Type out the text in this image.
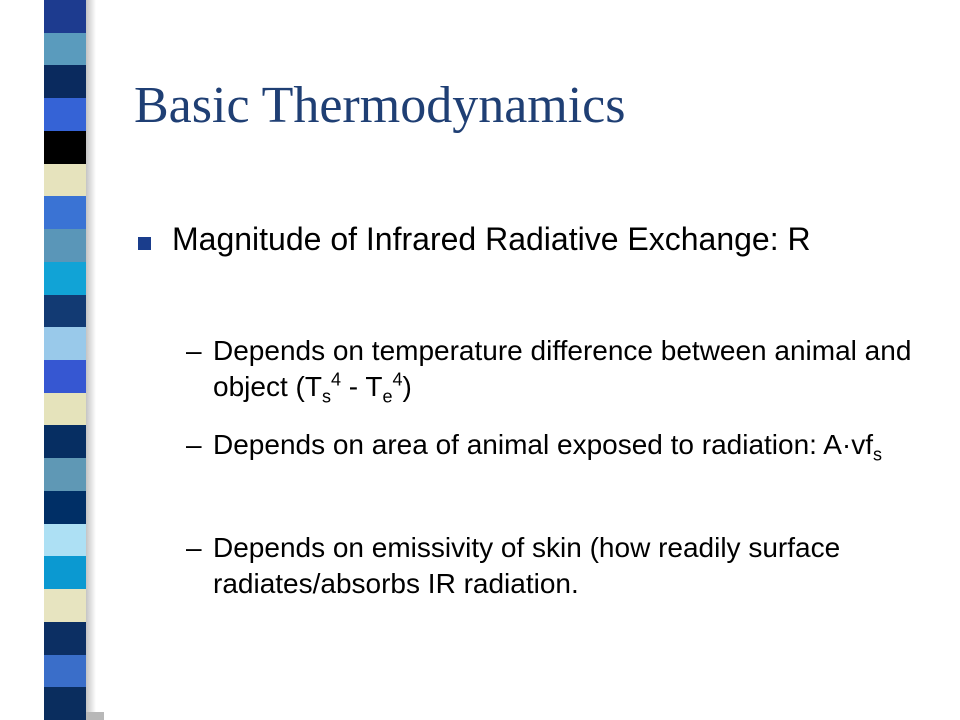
Basic Thermodynamics
Magnitude of Infrared Radiative Exchange: R
– Depends on temperature difference between animal and object $(T_s^4 - T_e^4)$
– Depends on area of animal exposed to radiation: $A\cdot vf_s$
– Depends on emissivity of skin (how readily surface radiates/absorbs IR radiation.
